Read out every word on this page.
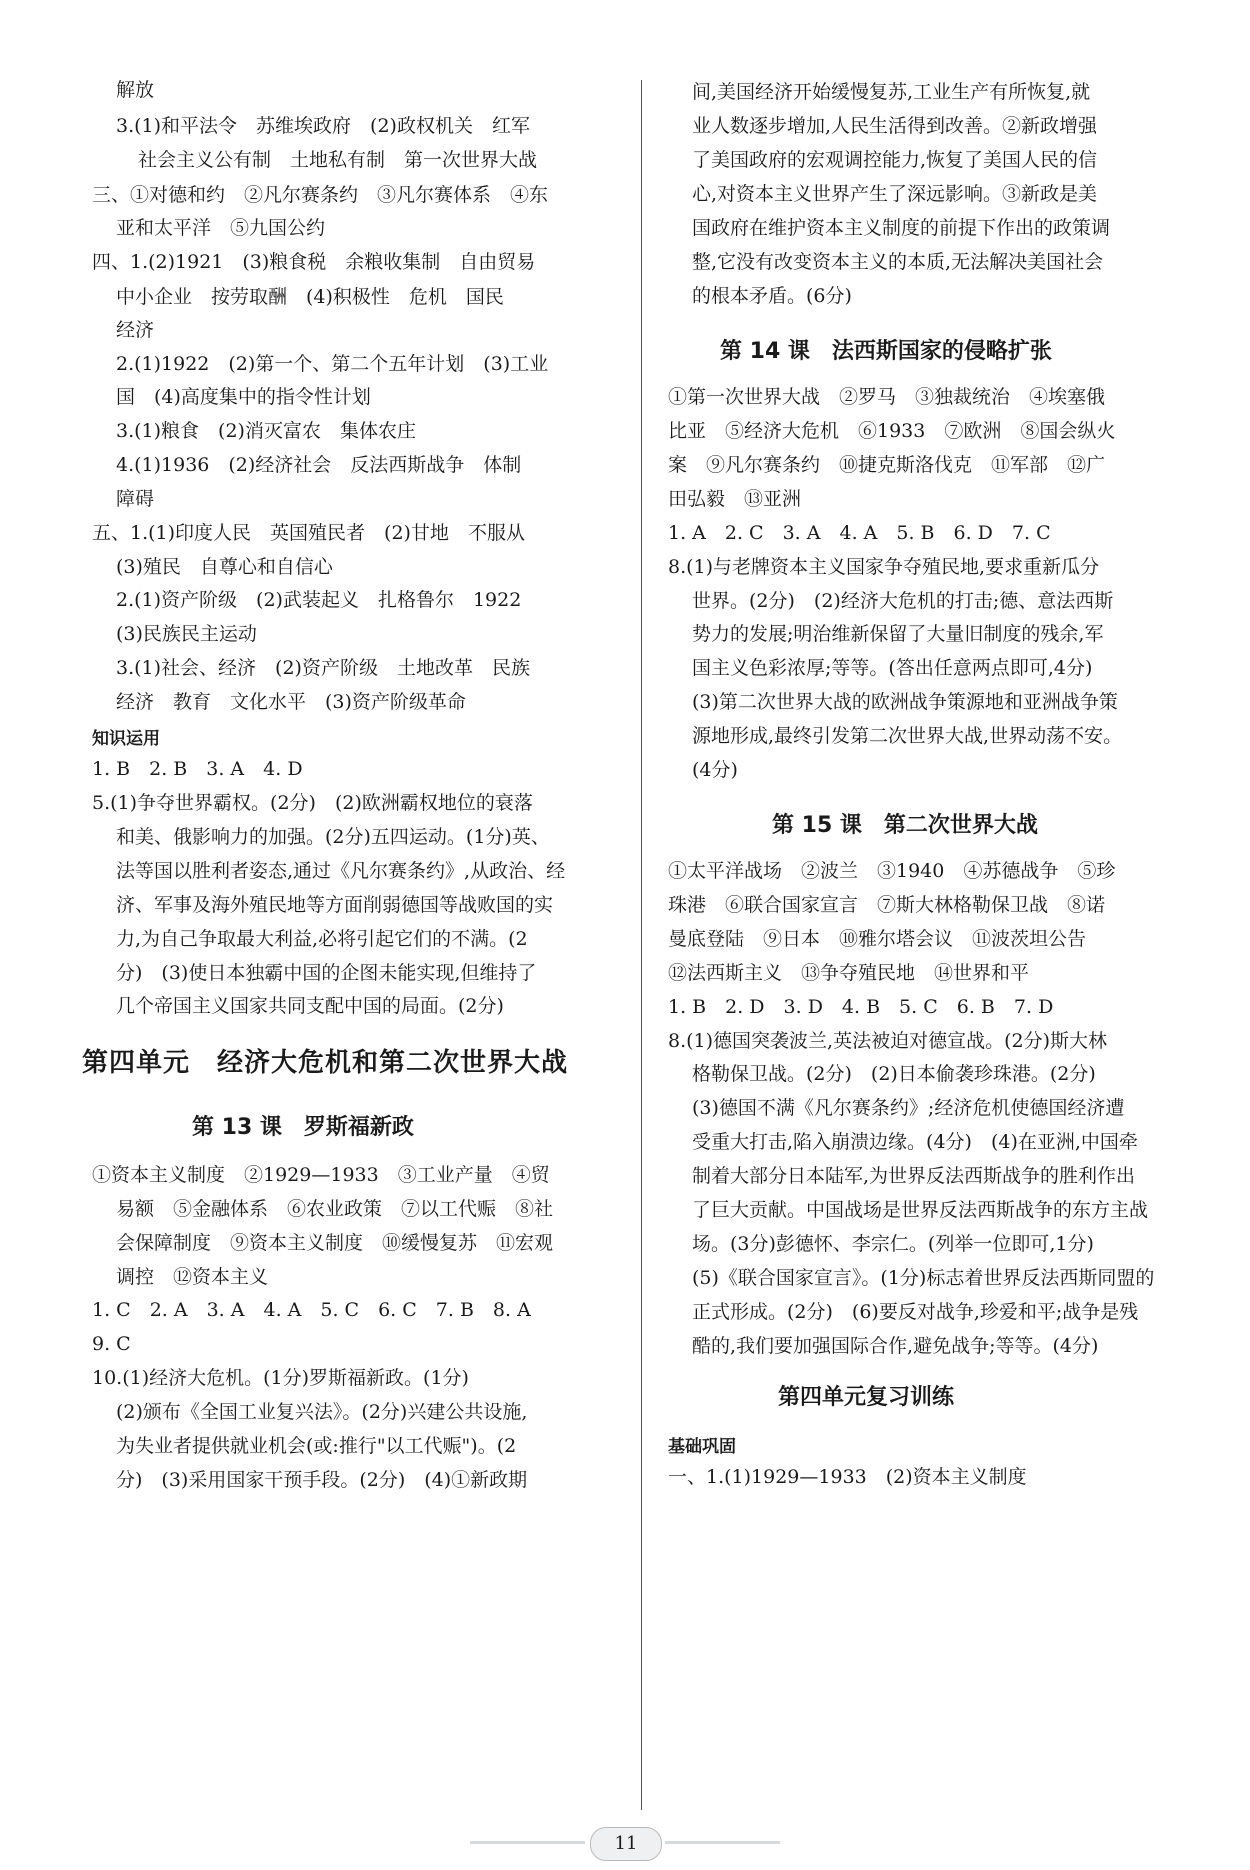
解放
3.(1)和平法令　苏维埃政府　(2)政权机关　红军
社会主义公有制　土地私有制　第一次世界大战
三、①对德和约　②凡尔赛条约　③凡尔赛体系　④东
亚和太平洋　⑤九国公约
四、1.(2)1921　(3)粮食税　余粮收集制　自由贸易
中小企业　按劳取酬　(4)积极性　危机　国民
经济
2.(1)1922　(2)第一个、第二个五年计划　(3)工业
国　(4)高度集中的指令性计划
3.(1)粮食　(2)消灭富农　集体农庄
4.(1)1936　(2)经济社会　反法西斯战争　体制
障碍
五、1.(1)印度人民　英国殖民者　(2)甘地　不服从
(3)殖民　自尊心和自信心
2.(1)资产阶级　(2)武装起义　扎格鲁尔　1922
(3)民族民主运动
3.(1)社会、经济　(2)资产阶级　土地改革　民族
经济　教育　文化水平　(3)资产阶级革命
知识运用
1. B　2. B　3. A　4. D
5.(1)争夺世界霸权。(2分)　(2)欧洲霸权地位的衰落
和美、俄影响力的加强。(2分)五四运动。(1分)英、
法等国以胜利者姿态,通过《凡尔赛条约》,从政治、经
济、军事及海外殖民地等方面削弱德国等战败国的实
力,为自己争取最大利益,必将引起它们的不满。(2
分)　(3)使日本独霸中国的企图未能实现,但维持了
几个帝国主义国家共同支配中国的局面。(2分)
第四单元　经济大危机和第二次世界大战
第 13 课　罗斯福新政
①资本主义制度　②1929—1933　③工业产量　④贸
易额　⑤金融体系　⑥农业政策　⑦以工代赈　⑧社
会保障制度　⑨资本主义制度　⑩缓慢复苏　⑪宏观
调控　⑫资本主义
1. C　2. A　3. A　4. A　5. C　6. C　7. B　8. A
9. C
10.(1)经济大危机。(1分)罗斯福新政。(1分)
(2)颁布《全国工业复兴法》。(2分)兴建公共设施,
为失业者提供就业机会(或:推行"以工代赈")。(2
分)　(3)采用国家干预手段。(2分)　(4)①新政期
间,美国经济开始缓慢复苏,工业生产有所恢复,就
业人数逐步增加,人民生活得到改善。②新政增强
了美国政府的宏观调控能力,恢复了美国人民的信
心,对资本主义世界产生了深远影响。③新政是美
国政府在维护资本主义制度的前提下作出的政策调
整,它没有改变资本主义的本质,无法解决美国社会
的根本矛盾。(6分)
第 14 课　法西斯国家的侵略扩张
①第一次世界大战　②罗马　③独裁统治　④埃塞俄
比亚　⑤经济大危机　⑥1933　⑦欧洲　⑧国会纵火
案　⑨凡尔赛条约　⑩捷克斯洛伐克　⑪军部　⑫广
田弘毅　⑬亚洲
1. A　2. C　3. A　4. A　5. B　6. D　7. C
8.(1)与老牌资本主义国家争夺殖民地,要求重新瓜分
世界。(2分)　(2)经济大危机的打击;德、意法西斯
势力的发展;明治维新保留了大量旧制度的残余,军
国主义色彩浓厚;等等。(答出任意两点即可,4分)
(3)第二次世界大战的欧洲战争策源地和亚洲战争策
源地形成,最终引发第二次世界大战,世界动荡不安。
(4分)
第 15 课　第二次世界大战
①太平洋战场　②波兰　③1940　④苏德战争　⑤珍
珠港　⑥联合国家宣言　⑦斯大林格勒保卫战　⑧诺
曼底登陆　⑨日本　⑩雅尔塔会议　⑪波茨坦公告
⑫法西斯主义　⑬争夺殖民地　⑭世界和平
1. B　2. D　3. D　4. B　5. C　6. B　7. D
8.(1)德国突袭波兰,英法被迫对德宣战。(2分)斯大林
格勒保卫战。(2分)　(2)日本偷袭珍珠港。(2分)
(3)德国不满《凡尔赛条约》;经济危机使德国经济遭
受重大打击,陷入崩溃边缘。(4分)　(4)在亚洲,中国牵
制着大部分日本陆军,为世界反法西斯战争的胜利作出
了巨大贡献。中国战场是世界反法西斯战争的东方主战
场。(3分)彭德怀、李宗仁。(列举一位即可,1分)
(5)《联合国家宣言》。(1分)标志着世界反法西斯同盟的
正式形成。(2分)　(6)要反对战争,珍爱和平;战争是残
酷的,我们要加强国际合作,避免战争;等等。(4分)
第四单元复习训练
基础巩固
一、1.(1)1929—1933　(2)资本主义制度
11
